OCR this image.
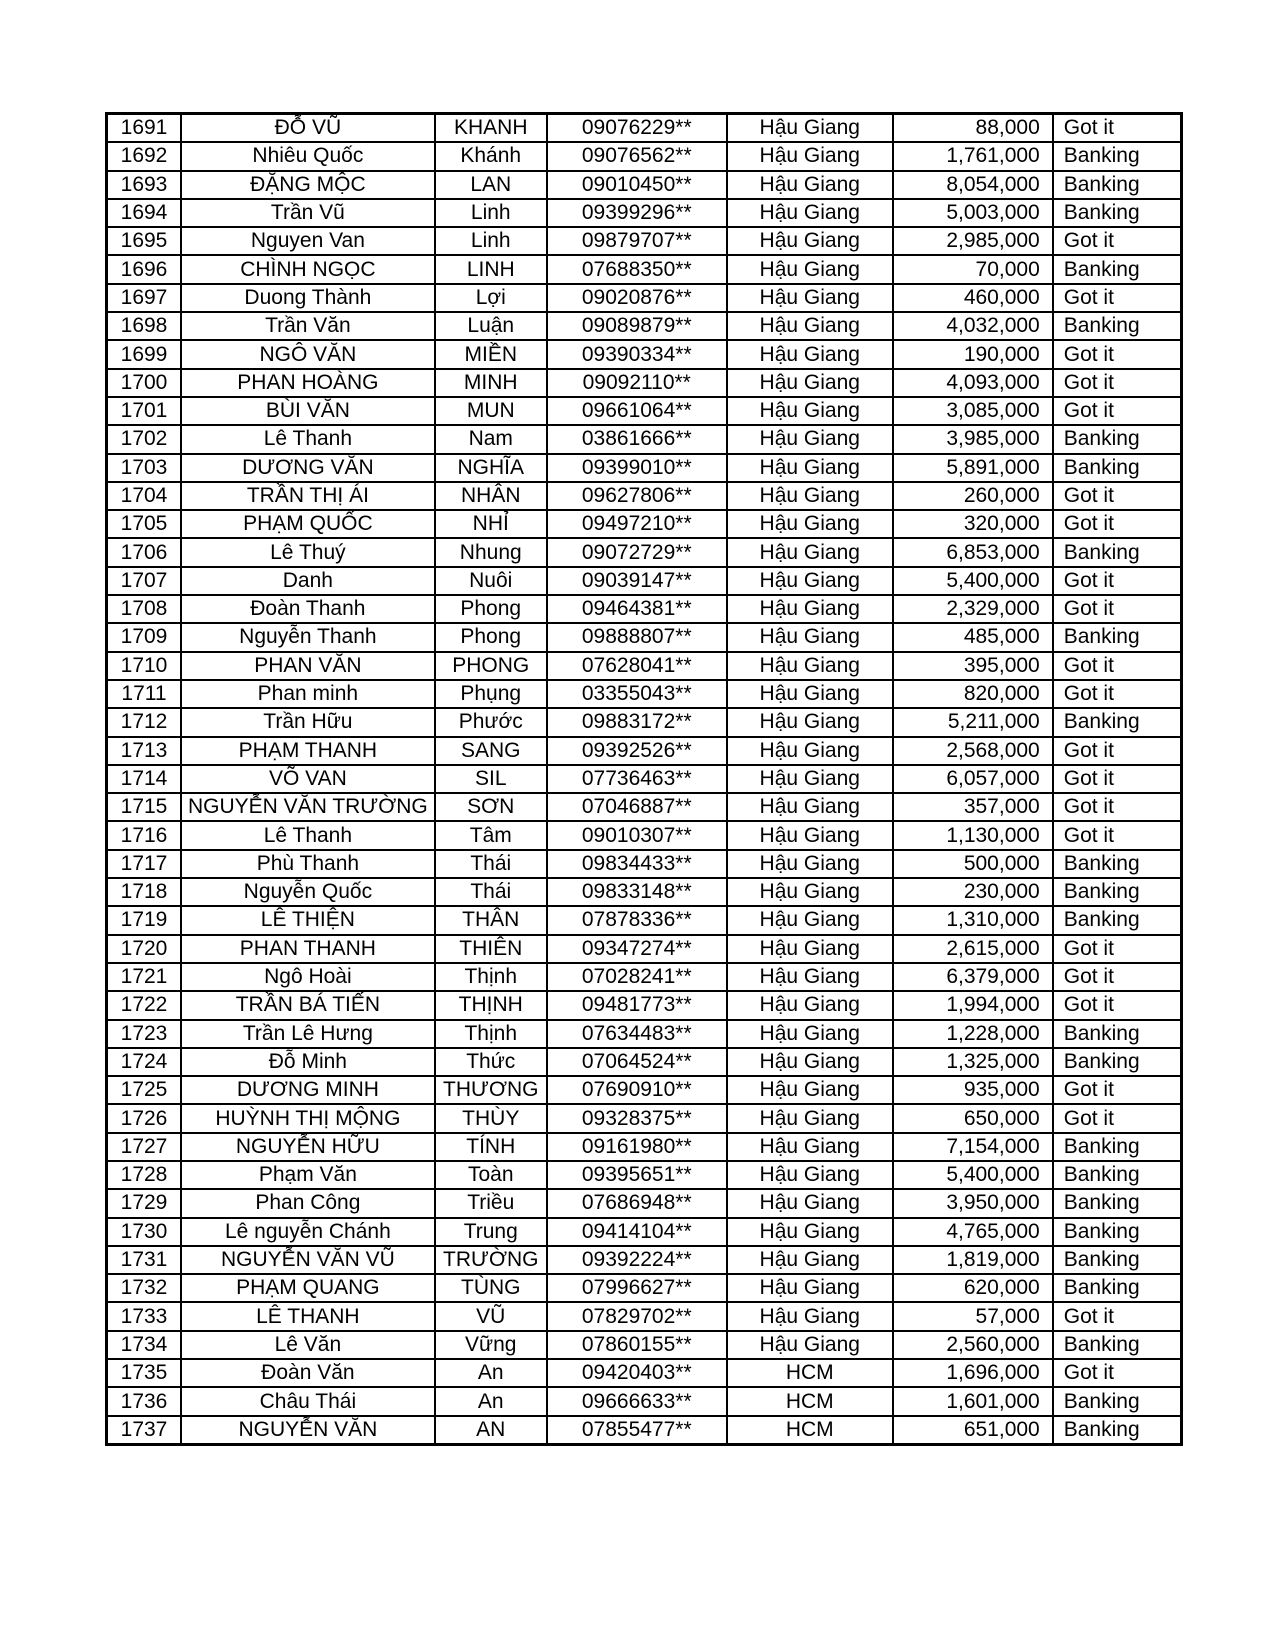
1691	ĐỖ VŨ	KHANH	09076229**	Hậu Giang	88,000	Got it
1692	Nhiêu Quốc	Khánh	09076562**	Hậu Giang	1,761,000	Banking
1693	ĐẶNG MỘC	LAN	09010450**	Hậu Giang	8,054,000	Banking
1694	Trần Vũ	Linh	09399296**	Hậu Giang	5,003,000	Banking
1695	Nguyen Van	Linh	09879707**	Hậu Giang	2,985,000	Got it
1696	CHÌNH NGỌC	LINH	07688350**	Hậu Giang	70,000	Banking
1697	Duong Thành	Lợi	09020876**	Hậu Giang	460,000	Got it
1698	Trần Văn	Luận	09089879**	Hậu Giang	4,032,000	Banking
1699	NGÔ VĂN	MIỀN	09390334**	Hậu Giang	190,000	Got it
1700	PHAN HOÀNG	MINH	09092110**	Hậu Giang	4,093,000	Got it
1701	BÙI VĂN	MUN	09661064**	Hậu Giang	3,085,000	Got it
1702	Lê Thanh	Nam	03861666**	Hậu Giang	3,985,000	Banking
1703	DƯƠNG VĂN	NGHĨA	09399010**	Hậu Giang	5,891,000	Banking
1704	TRẦN THỊ ÁI	NHÂN	09627806**	Hậu Giang	260,000	Got it
1705	PHẠM QUỐC	NHỈ	09497210**	Hậu Giang	320,000	Got it
1706	Lê Thuý	Nhung	09072729**	Hậu Giang	6,853,000	Banking
1707	Danh	Nuôi	09039147**	Hậu Giang	5,400,000	Got it
1708	Đoàn Thanh	Phong	09464381**	Hậu Giang	2,329,000	Got it
1709	Nguyễn Thanh	Phong	09888807**	Hậu Giang	485,000	Banking
1710	PHAN VĂN	PHONG	07628041**	Hậu Giang	395,000	Got it
1711	Phan minh	Phụng	03355043**	Hậu Giang	820,000	Got it
1712	Trần Hữu	Phước	09883172**	Hậu Giang	5,211,000	Banking
1713	PHẠM THANH	SANG	09392526**	Hậu Giang	2,568,000	Got it
1714	VÕ VAN	SIL	07736463**	Hậu Giang	6,057,000	Got it
1715	NGUYỄN VĂN TRƯỜNG	SƠN	07046887**	Hậu Giang	357,000	Got it
1716	Lê Thanh	Tâm	09010307**	Hậu Giang	1,130,000	Got it
1717	Phù Thanh	Thái	09834433**	Hậu Giang	500,000	Banking
1718	Nguyễn Quốc	Thái	09833148**	Hậu Giang	230,000	Banking
1719	LÊ THIỆN	THÂN	07878336**	Hậu Giang	1,310,000	Banking
1720	PHAN THANH	THIÊN	09347274**	Hậu Giang	2,615,000	Got it
1721	Ngô Hoài	Thịnh	07028241**	Hậu Giang	6,379,000	Got it
1722	TRẦN BÁ TIẾN	THỊNH	09481773**	Hậu Giang	1,994,000	Got it
1723	Trần Lê Hưng	Thịnh	07634483**	Hậu Giang	1,228,000	Banking
1724	Đỗ Minh	Thức	07064524**	Hậu Giang	1,325,000	Banking
1725	DƯƠNG MINH	THƯƠNG	07690910**	Hậu Giang	935,000	Got it
1726	HUỲNH THỊ MỘNG	THÙY	09328375**	Hậu Giang	650,000	Got it
1727	NGUYỄN HỮU	TÍNH	09161980**	Hậu Giang	7,154,000	Banking
1728	Phạm Văn	Toàn	09395651**	Hậu Giang	5,400,000	Banking
1729	Phan Công	Triều	07686948**	Hậu Giang	3,950,000	Banking
1730	Lê nguyễn Chánh	Trung	09414104**	Hậu Giang	4,765,000	Banking
1731	NGUYỄN VĂN VŨ	TRƯỜNG	09392224**	Hậu Giang	1,819,000	Banking
1732	PHẠM QUANG	TÙNG	07996627**	Hậu Giang	620,000	Banking
1733	LÊ THANH	VŨ	07829702**	Hậu Giang	57,000	Got it
1734	Lê Văn	Vững	07860155**	Hậu Giang	2,560,000	Banking
1735	Đoàn Văn	An	09420403**	HCM	1,696,000	Got it
1736	Châu Thái	An	09666633**	HCM	1,601,000	Banking
1737	NGUYỄN VĂN	AN	07855477**	HCM	651,000	Banking
